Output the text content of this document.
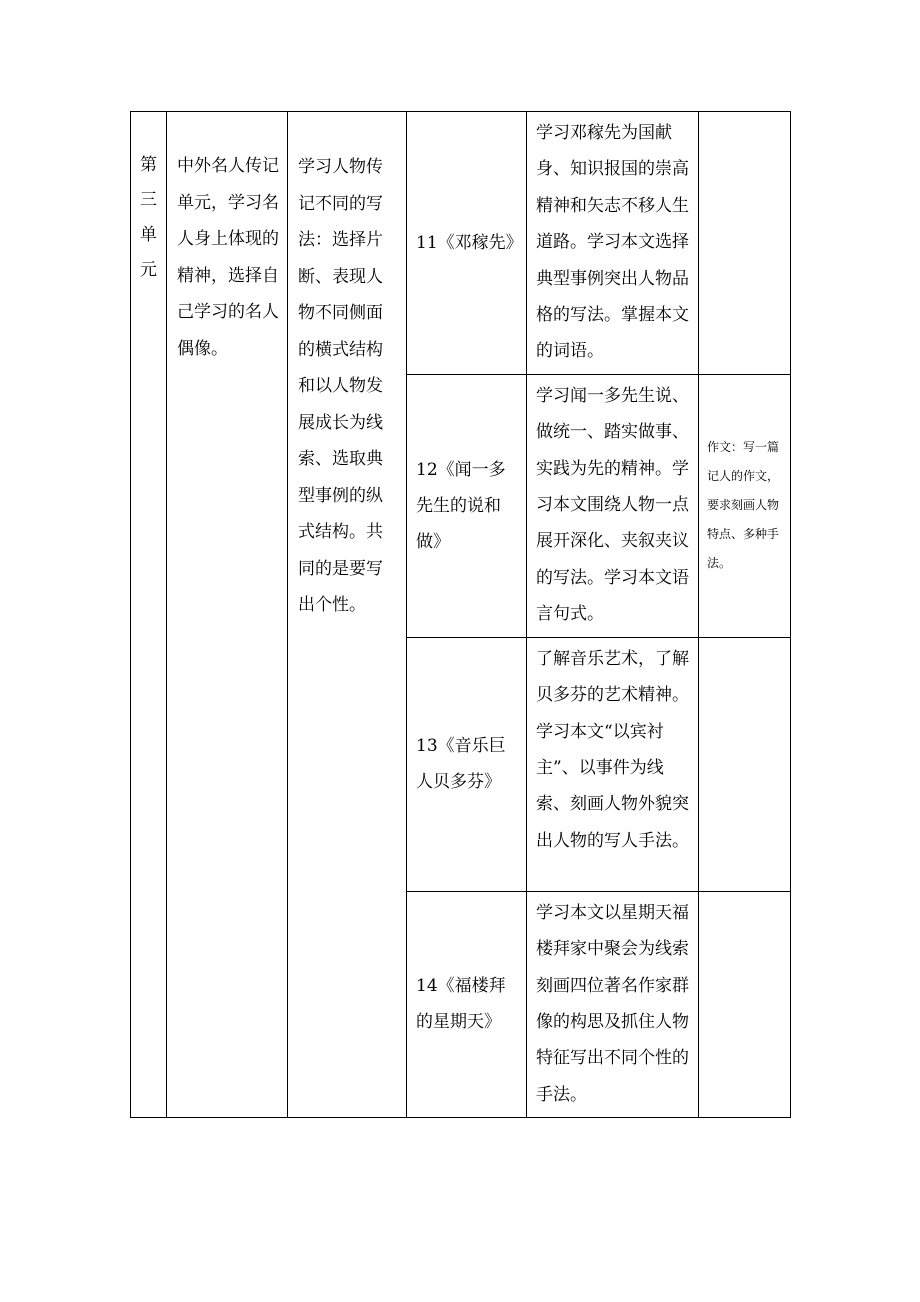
第三单元	中外名人传记单元，学习名人身上体现的精神，选择自己学习的名人偶像。	学习人物传记不同的写法：选择片断、表现人物不同侧面的横式结构和以人物发展成长为线索、选取典型事例的纵式结构。共同的是要写出个性。	11《邓稼先》	学习邓稼先为国献身、知识报国的崇高精神和矢志不移人生道路。学习本文选择典型事例突出人物品格的写法。掌握本文的词语。	

			12《闻一多先生的说和做》	学习闻一多先生说、做统一、踏实做事、实践为先的精神。学习本文围绕人物一点展开深化、夹叙夹议的写法。学习本文语言句式。	作文：写一篇记人的作文，要求刻画人物特点、多种手法。

			13《音乐巨人贝多芬》	了解音乐艺术，了解贝多芬的艺术精神。学习本文“以宾衬主”、以事件为线索、刻画人物外貌突出人物的写人手法。	

			14《福楼拜的星期天》	学习本文以星期天福楼拜家中聚会为线索刻画四位著名作家群像的构思及抓住人物特征写出不同个性的手法。	
